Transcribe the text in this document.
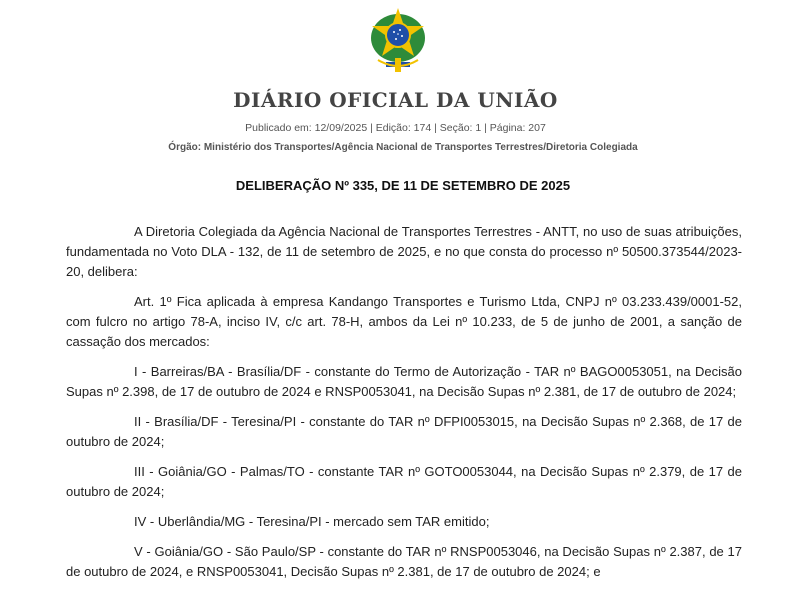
DIÁRIO OFICIAL DA UNIÃO
Publicado em: 12/09/2025 | Edição: 174 | Seção: 1 | Página: 207
Órgão: Ministério dos Transportes/Agência Nacional de Transportes Terrestres/Diretoria Colegiada
DELIBERAÇÃO Nº 335, DE 11 DE SETEMBRO DE 2025

A Diretoria Colegiada da Agência Nacional de Transportes Terrestres - ANTT, no uso de suas atribuições, fundamentada no Voto DLA - 132, de 11 de setembro de 2025, e no que consta do processo nº 50500.373544/2023-20, delibera:

Art. 1º Fica aplicada à empresa Kandango Transportes e Turismo Ltda, CNPJ nº 03.233.439/0001-52, com fulcro no artigo 78-A, inciso IV, c/c art. 78-H, ambos da Lei nº 10.233, de 5 de junho de 2001, a sanção de cassação dos mercados:

I - Barreiras/BA - Brasília/DF - constante do Termo de Autorização - TAR nº BAGO0053051, na Decisão Supas nº 2.398, de 17 de outubro de 2024 e RNSP0053041, na Decisão Supas nº 2.381, de 17 de outubro de 2024;

II - Brasília/DF - Teresina/PI - constante do TAR nº DFPI0053015, na Decisão Supas nº 2.368, de 17 de outubro de 2024;

III - Goiânia/GO - Palmas/TO - constante TAR nº GOTO0053044, na Decisão Supas nº 2.379, de 17 de outubro de 2024;

IV - Uberlândia/MG - Teresina/PI - mercado sem TAR emitido;

V - Goiânia/GO - São Paulo/SP - constante do TAR nº RNSP0053046, na Decisão Supas nº 2.387, de 17 de outubro de 2024, e RNSP0053041, Decisão Supas nº 2.381, de 17 de outubro de 2024; e
